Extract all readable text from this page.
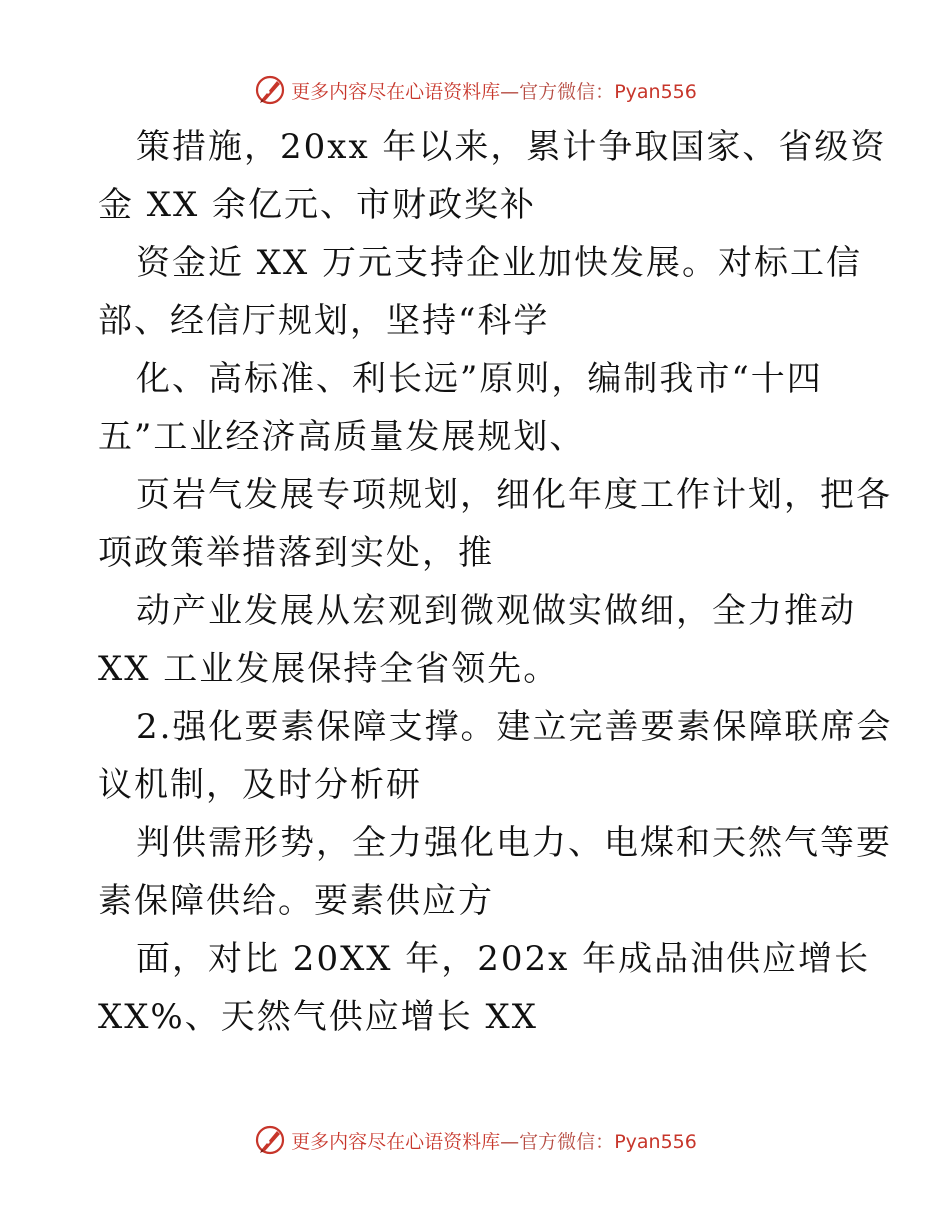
更多内容尽在心语资料库—官方微信：Pyan556
策措施，20xx 年以来，累计争取国家、省级资
金 XX 余亿元、市财政奖补
资金近 XX 万元支持企业加快发展。对标工信
部、经信厅规划，坚持“科学
化、高标准、利长远”原则，编制我市“十四
五”工业经济高质量发展规划、
页岩气发展专项规划，细化年度工作计划，把各
项政策举措落到实处，推
动产业发展从宏观到微观做实做细，全力推动
XX 工业发展保持全省领先。
2.强化要素保障支撑。建立完善要素保障联席会
议机制，及时分析研
判供需形势，全力强化电力、电煤和天然气等要
素保障供给。要素供应方
面，对比 20XX 年，202x 年成品油供应增长
XX%、天然气供应增长 XX
更多内容尽在心语资料库—官方微信：Pyan556
